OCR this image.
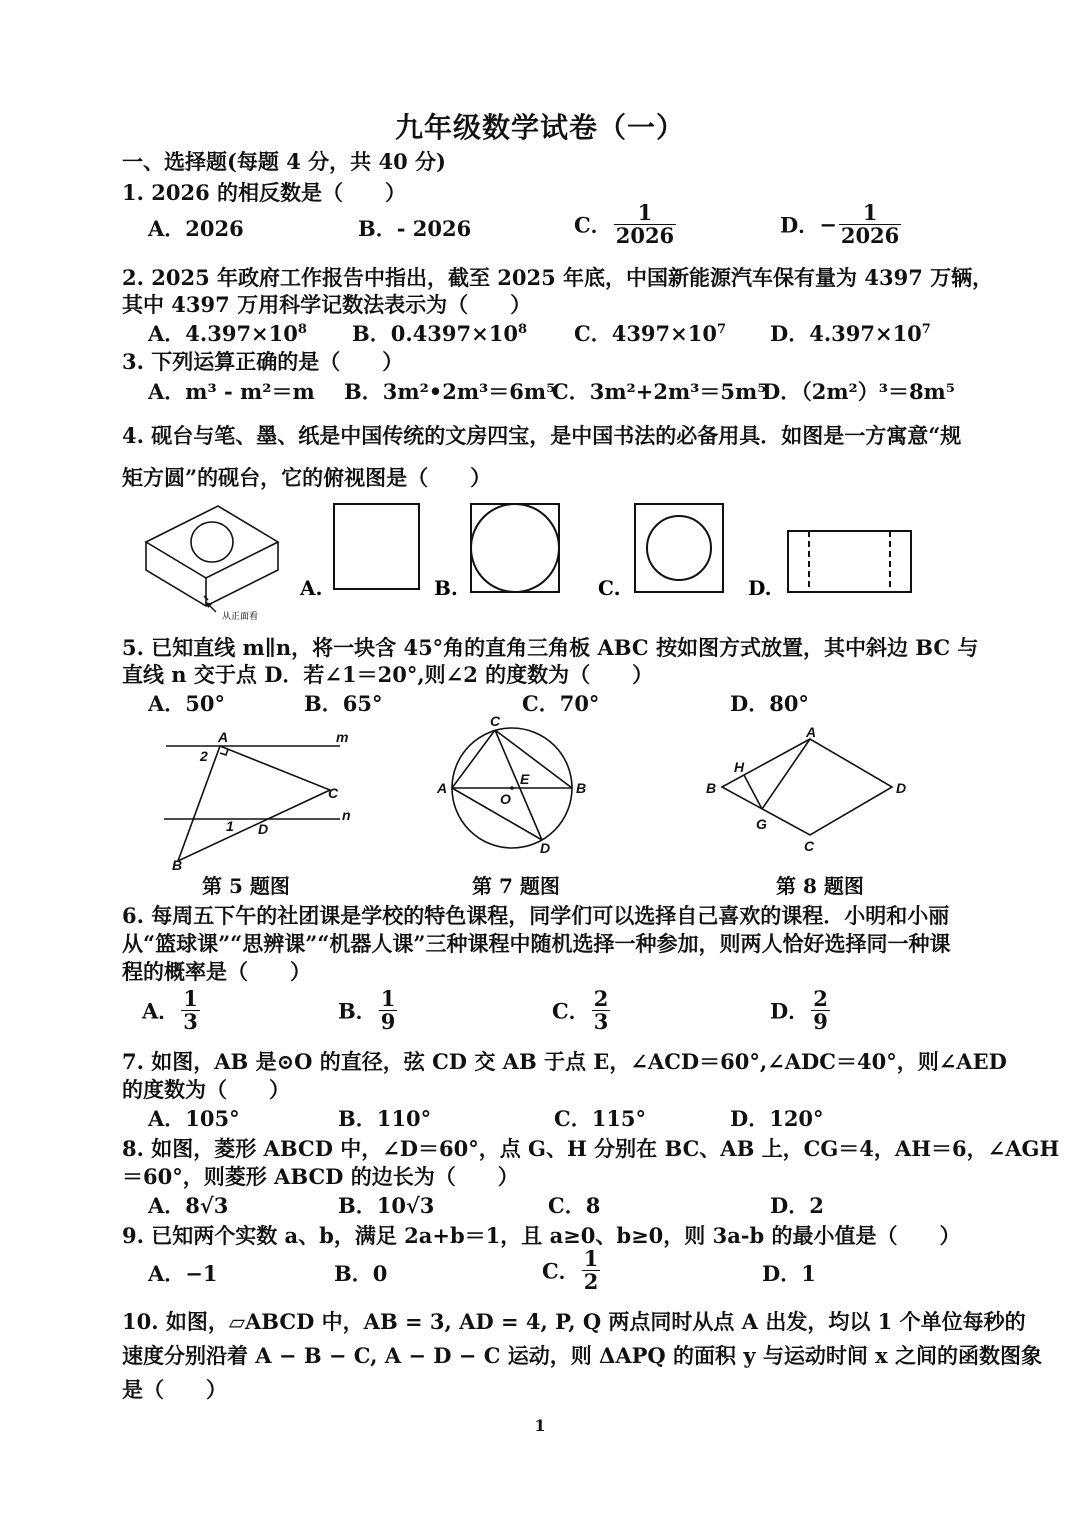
九年级数学试卷（一）
一、选择题(每题 4 分，共 40 分)
1. 2026 的相反数是（　　）
A．2026	B．- 2026	C． $\frac{1}{2026}$	D．− $\frac{1}{2026}$
2. 2025 年政府工作报告中指出，截至 2025 年底，中国新能源汽车保有量为 4397 万辆，
其中 4397 万用科学记数法表示为（　　）
A．$4.397\times 10^8$ B．$0.4397\times 10^8$ C．$4397\times 10^7$ D．$4.397\times 10^7$
3. 下列运算正确的是（　　）
A．m³ - m²＝m B．3m²•2m³＝6m⁵
C．3m²+2m³＝5m⁵
D．（2m²）³＝8m⁵
4. 砚台与笔、墨、纸是中国传统的文房四宝，是中国书法的必备用具．如图是一方寓意“规
矩方圆”的砚台，它的俯视图是（　　）
从正面看
A.	B.	C.	D.
5. 已知直线 m∥n，将一块含 45°角的直角三角板 ABC 按如图方式放置，其中斜边 BC 与
直线 n 交于点 D．若∠1＝20°,则∠2 的度数为（　　）
A．50°	B．65°	C．70°	D．80°
A	m
2
C
n
1 D
B
C
A
E
O
B
D
A
H
B	D
G
C
第 5 题图	第 7 题图	第 8 题图
6. 每周五下午的社团课是学校的特色课程，同学们可以选择自己喜欢的课程．小明和小丽
从“篮球课”“思辨课”“机器人课”三种课程中随机选择一种参加，则两人恰好选择同一种课
程的概率是（　　）
A． $\frac{1}{3}$	B． $\frac{1}{9}$	C． $\frac{2}{3}$	D． $\frac{2}{9}$
7. 如图，AB 是⊙O 的直径，弦 CD 交 AB 于点 E，∠ACD＝60°,∠ADC＝40°，则∠AED
的度数为（　　）
A．105°	B．110°	C．115°	D．120°
8. 如图，菱形 ABCD 中，∠D＝60°，点 G、H 分别在 BC、AB 上，CG＝4，AH＝6，∠AGH
＝60°，则菱形 ABCD 的边长为（　　）
A．8√3	B．10√3	C．8	D．2
9. 已知两个实数 a、b，满足 2a+b＝1，且 a≥0、b≥0，则 3a-b 的最小值是（　　）
A．−1	B．0	C． $\frac{1}{2}$	D．1
10. 如图，▱ABCD 中，AB = 3, AD = 4, P, Q 两点同时从点 A 出发，均以 1 个单位每秒的
速度分别沿着 A − B − C, A − D − C 运动，则 ΔAPQ 的面积 y 与运动时间 x 之间的函数图象
是（　　）
1
